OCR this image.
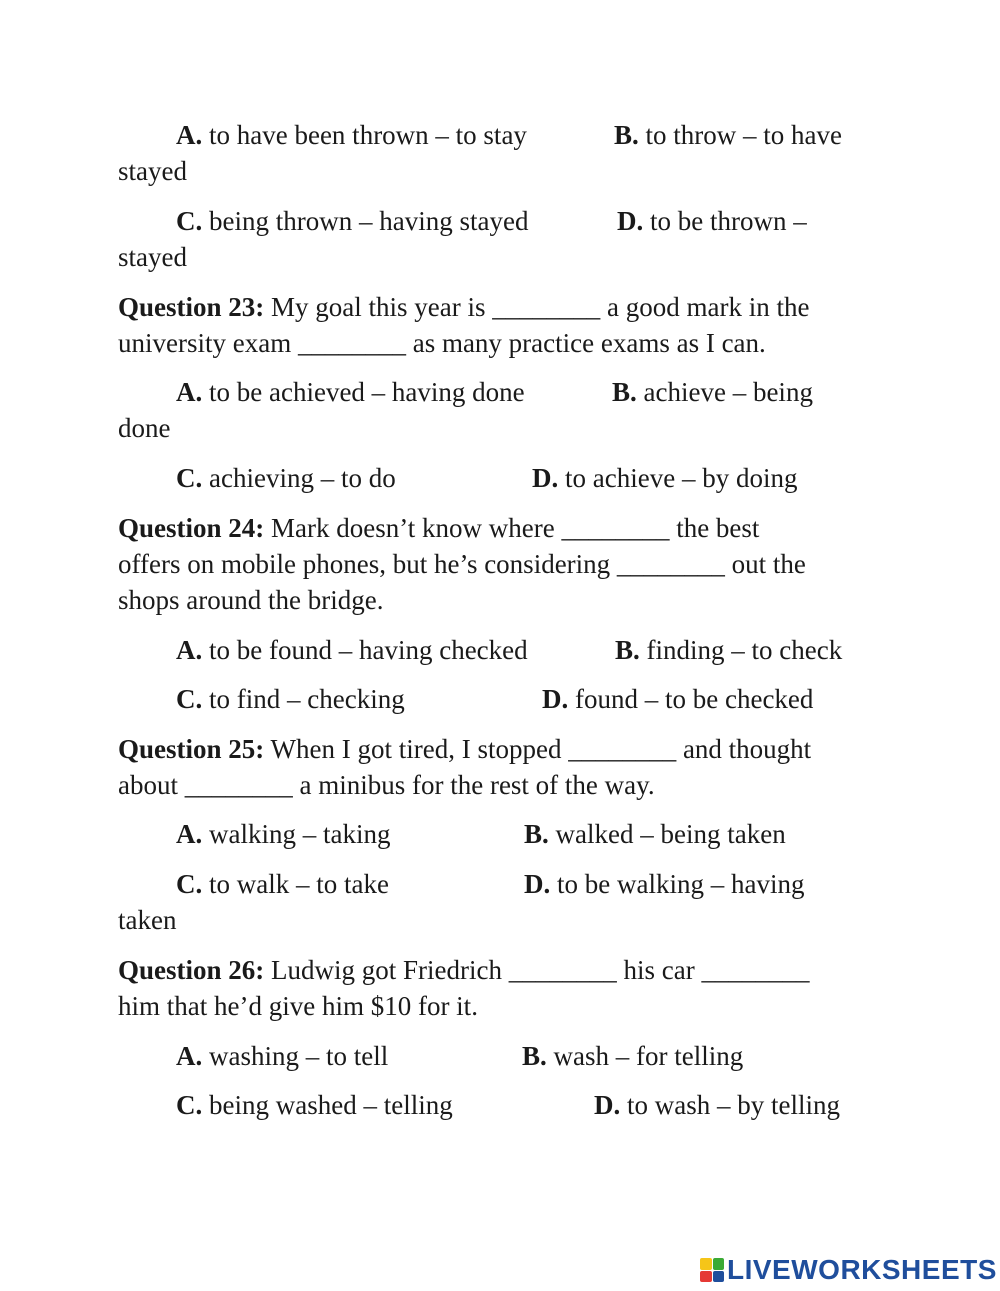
A. to have been thrown – to stay	B. to throw – to have
stayed
C. being thrown – having stayed	D. to be thrown –
stayed
Question 23: My goal this year is ________ a good mark in the
university exam ________ as many practice exams as I can.
A. to be achieved – having done	B. achieve – being
done
C. achieving – to do	D. to achieve – by doing
Question 24: Mark doesn’t know where ________ the best
offers on mobile phones, but he’s considering ________ out the
shops around the bridge.
A. to be found – having checked	B. finding – to check
C. to find – checking	D. found – to be checked
Question 25: When I got tired, I stopped ________ and thought
about ________ a minibus for the rest of the way.
A. walking – taking	B. walked – being taken
C. to walk – to take	D. to be walking – having
taken
Question 26: Ludwig got Friedrich ________ his car ________
him that he’d give him $10 for it.
A. washing – to tell	B. wash – for telling
C. being washed – telling	D. to wash – by telling
LIVEWORKSHEETS
